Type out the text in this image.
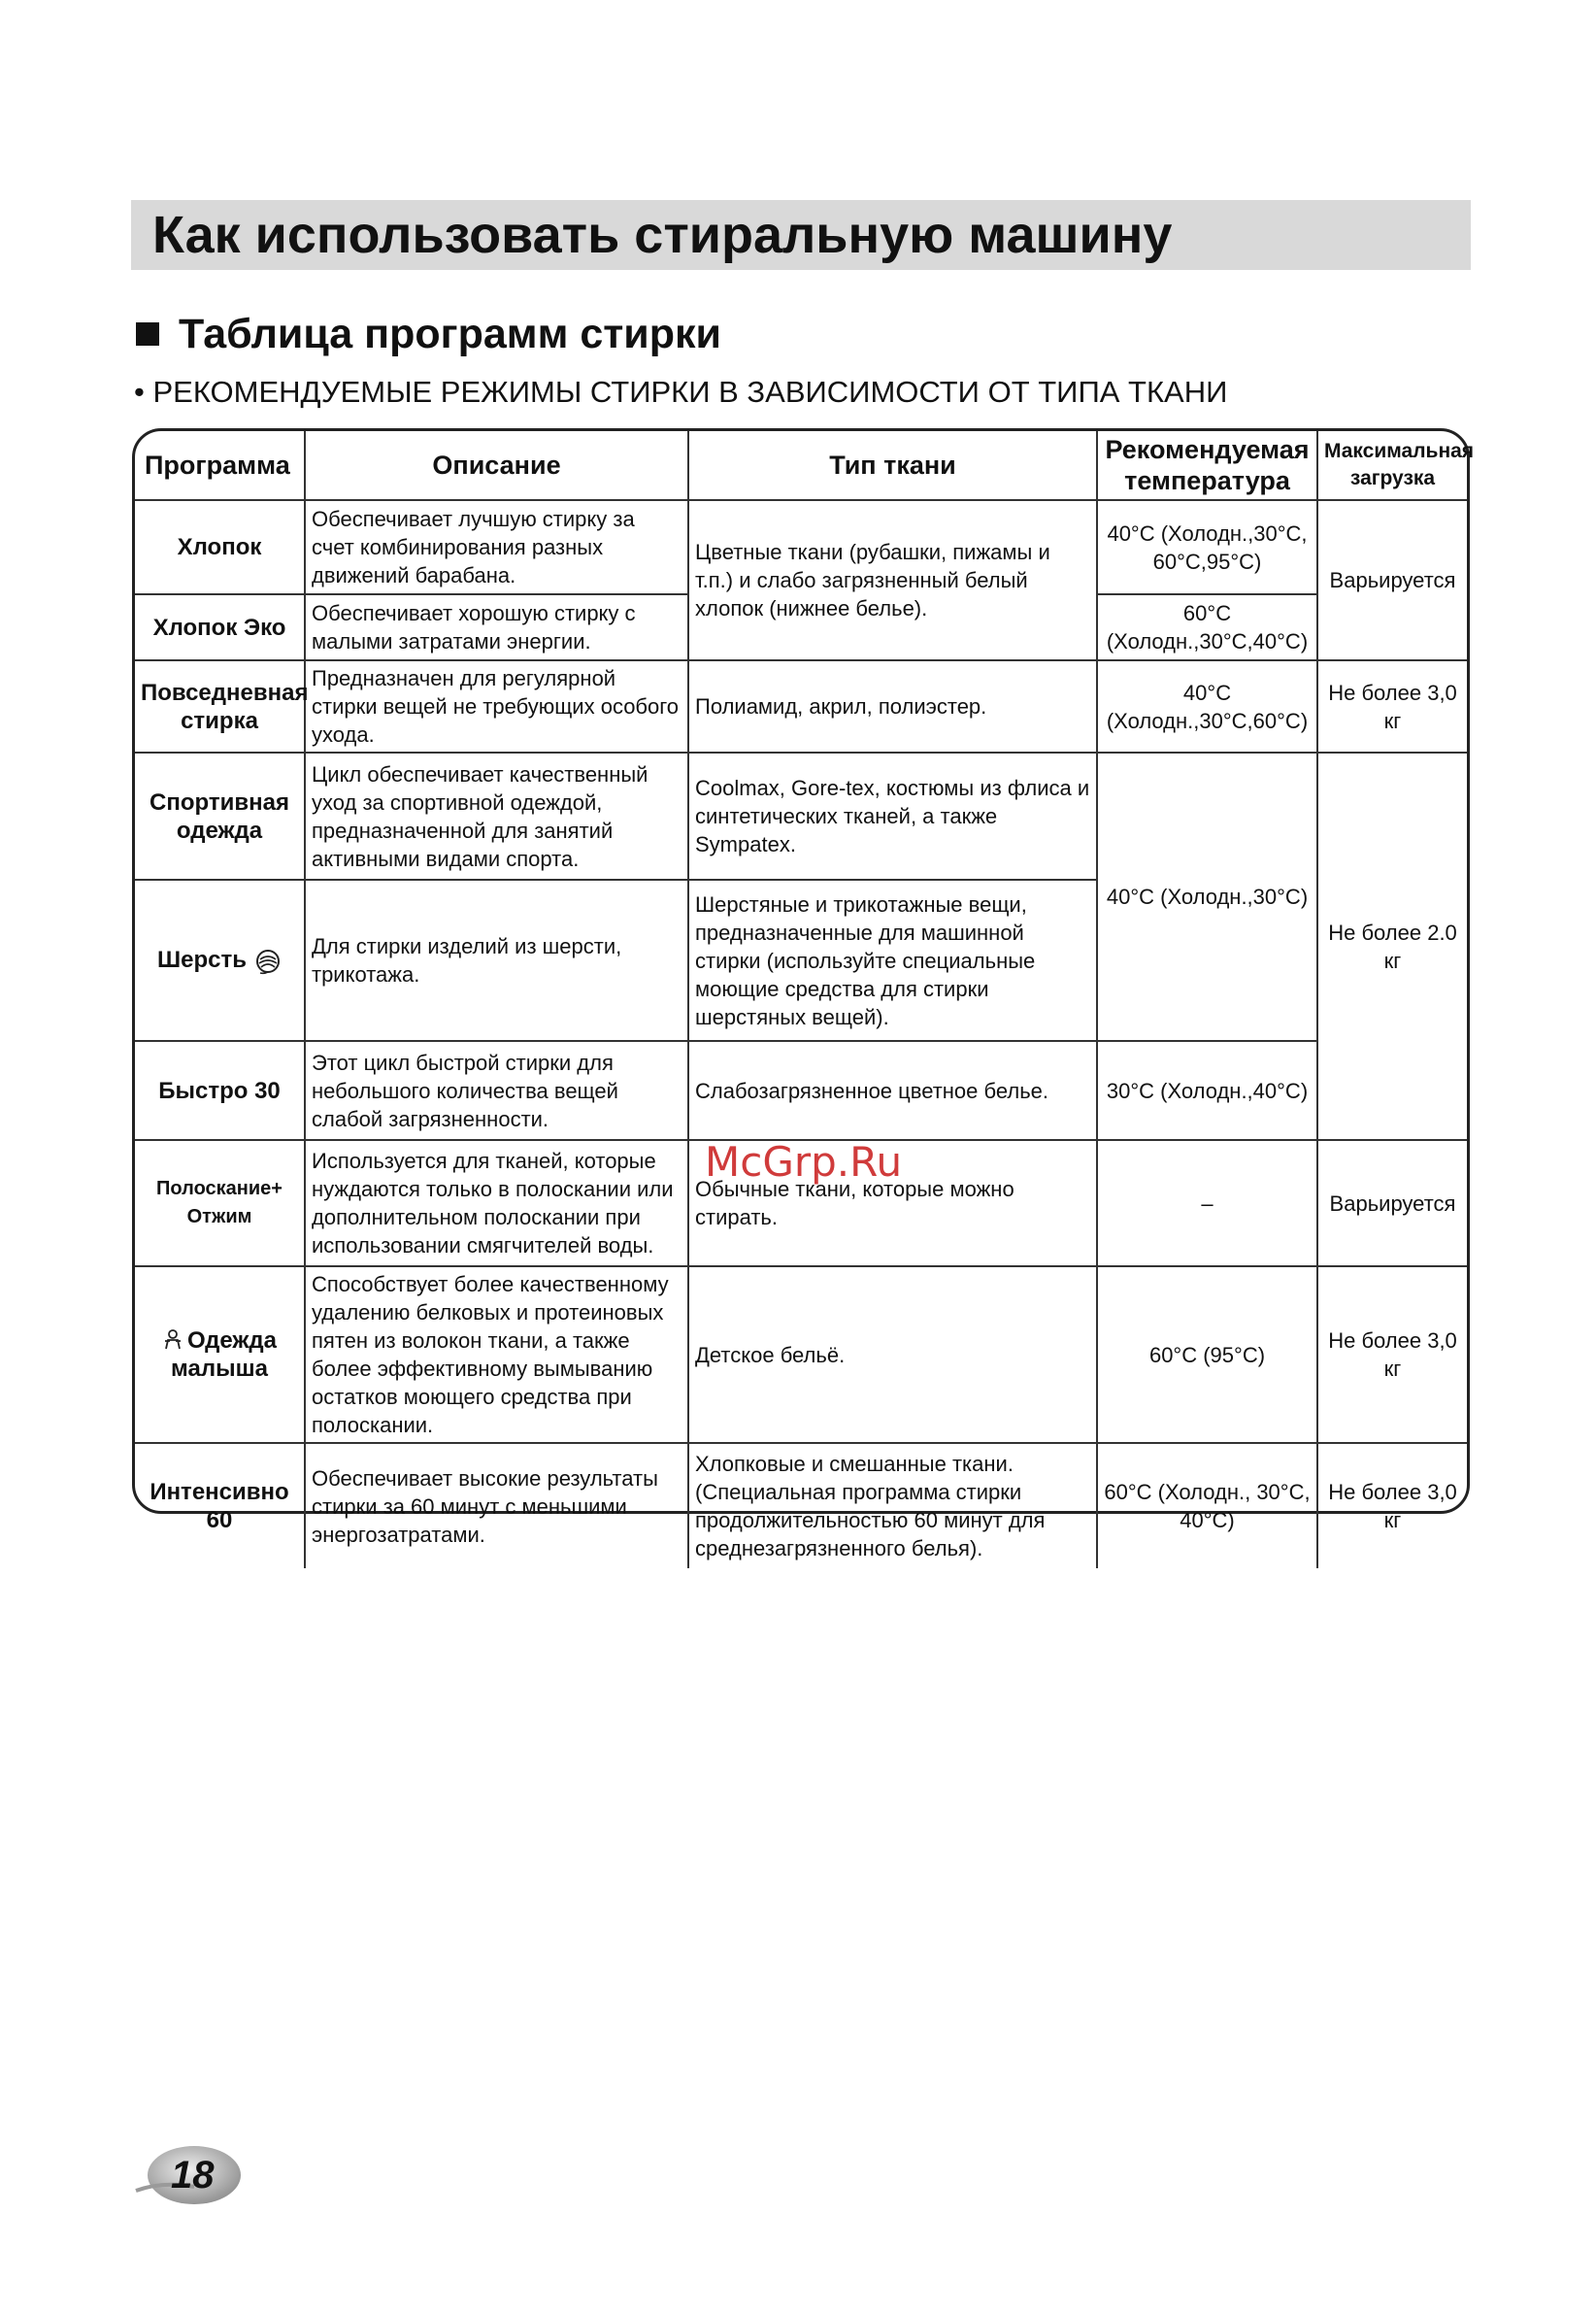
Как использовать стиральную машину
Таблица программ стирки
• РЕКОМЕНДУЕМЫЕ РЕЖИМЫ СТИРКИ В ЗАВИСИМОСТИ ОТ ТИПА ТКАНИ
Программа	Описание	Тип ткани	Рекомендуемая температура	Максимальная загрузка
Хлопок	Обеспечивает лучшую стирку за счет комбинирования разных движений барабана.	Цветные ткани (рубашки, пижамы и т.п.) и слабо загрязненный белый хлопок (нижнее белье).	40°C (Холодн.,30°C, 60°C,95°C)	Варьируется
Хлопок Эко	Обеспечивает хорошую стирку с малыми затратами энергии.		60°C (Холодн.,30°C,40°C)	
Повседневная стирка	Предназначен для регулярной стирки вещей не требующих особого ухода.	Полиамид, акрил, полиэстер.	40°C (Холодн.,30°C,60°C)	Не более 3,0 кг
Спортивная одежда	Цикл обеспечивает качественный уход за спортивной одеждой, предназначенной для занятий активными видами спорта.	Coolmax, Gore-tex, костюмы из флиса и синтетических тканей, а также Sympatex.	40°C (Холодн.,30°C)	Не более 2.0 кг
Шерсть	Для стирки изделий из шерсти, трикотажа.	Шерстяные и трикотажные вещи, предназначенные для машинной стирки (используйте специальные моющие средства для стирки шерстяных вещей).		
Быстро 30	Этот цикл быстрой стирки для небольшого количества вещей слабой загрязненности.	Слабозагрязненное цветное белье.	30°C (Холодн.,40°C)	
Полоскание+ Отжим	Используется для тканей, которые нуждаются только в полоскании или дополнительном полоскании при использовании смягчителей воды.	Обычные ткани, которые можно стирать.	–	Варьируется
Одежда малыша	Способствует более качественному удалению белковых и протеиновых пятен из волокон ткани, а также более эффективному вымыванию остатков моющего средства при полоскании.	Детское бельё.	60°C (95°C)	Не более 3,0 кг
Интенсивно 60	Обеспечивает высокие результаты стирки за 60 минут с меньшими энергозатратами.	Хлопковые и смешанные ткани. (Специальная программа стирки продолжительностью 60 минут для среднезагрязненного белья).	60°C (Холодн., 30°C, 40°C)	Не более 3,0 кг
McGrp.Ru
18
